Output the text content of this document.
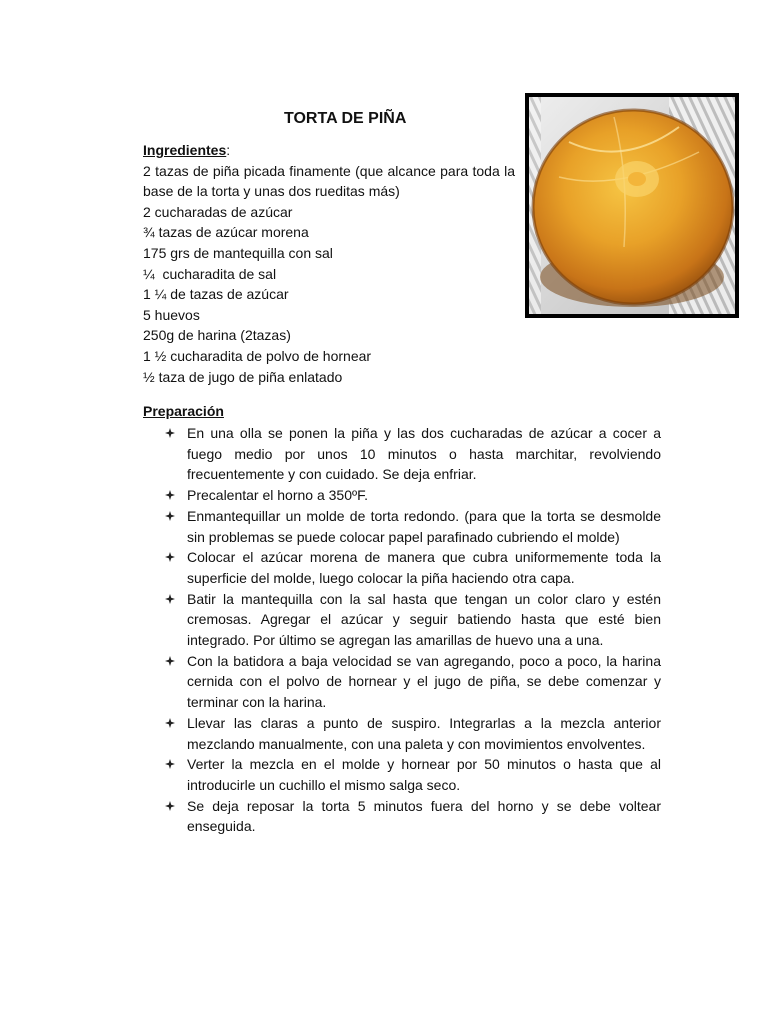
TORTA DE PIÑA
Ingredientes:
2 tazas de piña picada finamente (que alcance para toda la base de la torta y unas dos rueditas más)
2 cucharadas de azúcar
¾ tazas de azúcar morena
175 grs de mantequilla con sal
¼  cucharadita de sal
1 ¼ de tazas de azúcar
5 huevos
250g de harina (2tazas)
1 ½ cucharadita de polvo de hornear
½ taza de jugo de piña enlatado
Preparación
En una olla se ponen la piña y las dos cucharadas de azúcar a cocer a fuego medio por unos 10 minutos o hasta marchitar, revolviendo frecuentemente y con cuidado. Se deja enfriar.
Precalentar el horno a 350ºF.
Enmantequillar un molde de torta redondo. (para que la torta se desmolde sin problemas se puede colocar papel parafinado cubriendo el molde)
Colocar el azúcar morena de manera que cubra uniformemente toda la superficie del molde, luego colocar la piña haciendo otra capa.
Batir la mantequilla con la sal hasta que tengan un color claro y estén cremosas. Agregar el azúcar y seguir batiendo hasta que esté bien integrado. Por último se agregan las amarillas de huevo una a una.
Con la batidora a baja velocidad se van agregando, poco a poco, la harina cernida con el polvo de hornear y el jugo de piña, se debe comenzar y terminar con la harina.
Llevar las claras a punto de suspiro. Integrarlas a la mezcla anterior mezclando manualmente, con una paleta y con movimientos envolventes.
Verter la mezcla en el molde y hornear por 50 minutos o hasta que al introducirle un cuchillo el mismo salga seco.
Se deja reposar la torta 5 minutos fuera del horno y se debe voltear enseguida.
